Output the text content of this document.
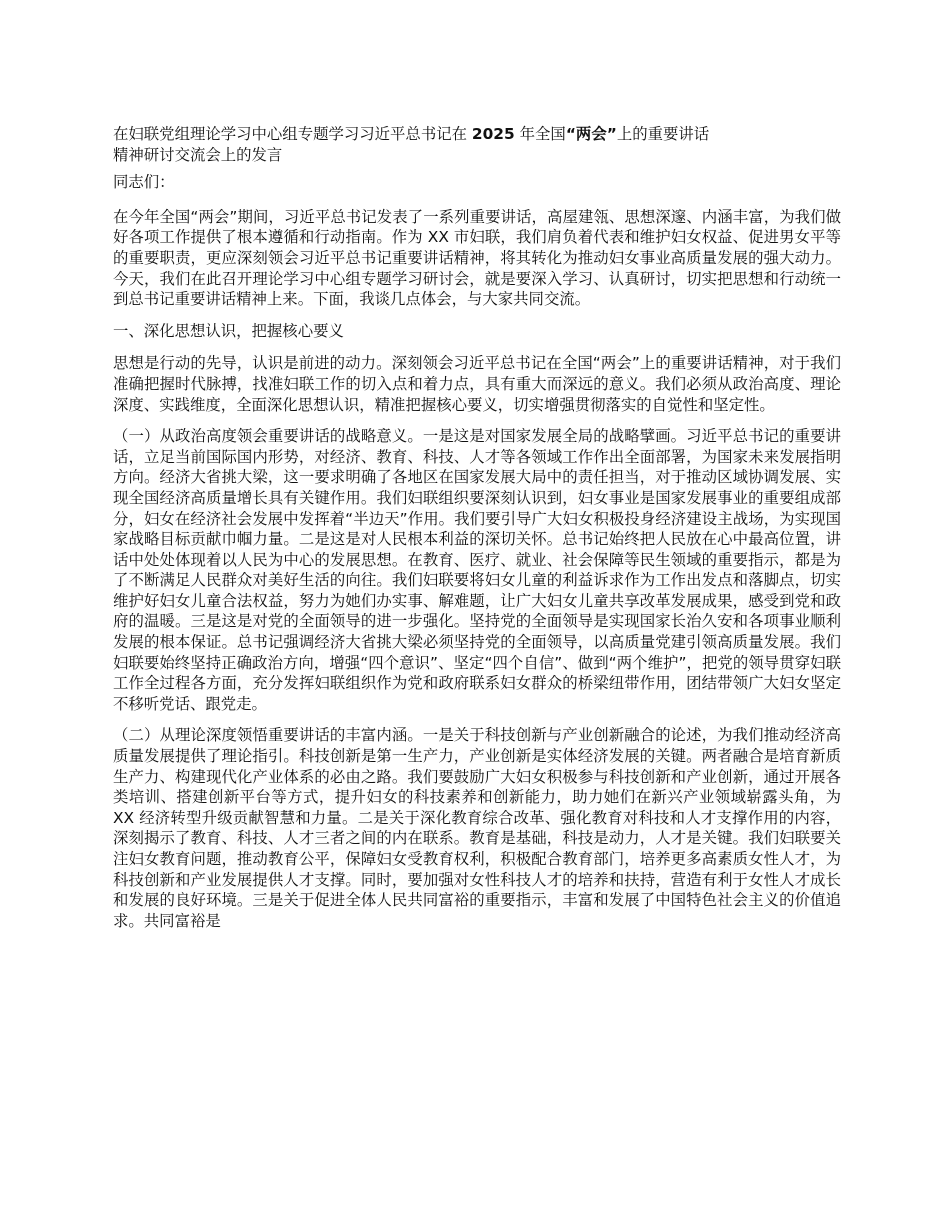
在妇联党组理论学习中心组专题学习习近平总书记在 2025 年全国“两会”上的重要讲话
精神研讨交流会上的发言

同志们：

在今年全国“两会”期间，习近平总书记发表了一系列重要讲话，高屋建瓴、思想深邃、内涵丰富，为我们做好各项工作提供了根本遵循和行动指南。作为 XX 市妇联，我们肩负着代表和维护妇女权益、促进男女平等的重要职责，更应深刻领会习近平总书记重要讲话精神，将其转化为推动妇女事业高质量发展的强大动力。今天，我们在此召开理论学习中心组专题学习研讨会，就是要深入学习、认真研讨，切实把思想和行动统一到总书记重要讲话精神上来。下面，我谈几点体会，与大家共同交流。

一、深化思想认识，把握核心要义

思想是行动的先导，认识是前进的动力。深刻领会习近平总书记在全国“两会”上的重要讲话精神，对于我们准确把握时代脉搏，找准妇联工作的切入点和着力点，具有重大而深远的意义。我们必须从政治高度、理论深度、实践维度，全面深化思想认识，精准把握核心要义，切实增强贯彻落实的自觉性和坚定性。

（一）从政治高度领会重要讲话的战略意义。一是这是对国家发展全局的战略擘画。习近平总书记的重要讲话，立足当前国际国内形势，对经济、教育、科技、人才等各领域工作作出全面部署，为国家未来发展指明方向。经济大省挑大梁，这一要求明确了各地区在国家发展大局中的责任担当，对于推动区域协调发展、实现全国经济高质量增长具有关键作用。我们妇联组织要深刻认识到，妇女事业是国家发展事业的重要组成部分，妇女在经济社会发展中发挥着“半边天”作用。我们要引导广大妇女积极投身经济建设主战场，为实现国家战略目标贡献巾帼力量。二是这是对人民根本利益的深切关怀。总书记始终把人民放在心中最高位置，讲话中处处体现着以人民为中心的发展思想。在教育、医疗、就业、社会保障等民生领域的重要指示，都是为了不断满足人民群众对美好生活的向往。我们妇联要将妇女儿童的利益诉求作为工作出发点和落脚点，切实维护好妇女儿童合法权益，努力为她们办实事、解难题，让广大妇女儿童共享改革发展成果，感受到党和政府的温暖。三是这是对党的全面领导的进一步强化。坚持党的全面领导是实现国家长治久安和各项事业顺利发展的根本保证。总书记强调经济大省挑大梁必须坚持党的全面领导，以高质量党建引领高质量发展。我们妇联要始终坚持正确政治方向，增强“四个意识”、坚定“四个自信”、做到“两个维护”，把党的领导贯穿妇联工作全过程各方面，充分发挥妇联组织作为党和政府联系妇女群众的桥梁纽带作用，团结带领广大妇女坚定不移听党话、跟党走。

（二）从理论深度领悟重要讲话的丰富内涵。一是关于科技创新与产业创新融合的论述，为我们推动经济高质量发展提供了理论指引。科技创新是第一生产力，产业创新是实体经济发展的关键。两者融合是培育新质生产力、构建现代化产业体系的必由之路。我们要鼓励广大妇女积极参与科技创新和产业创新，通过开展各类培训、搭建创新平台等方式，提升妇女的科技素养和创新能力，助力她们在新兴产业领域崭露头角，为 XX 经济转型升级贡献智慧和力量。二是关于深化教育综合改革、强化教育对科技和人才支撑作用的内容，深刻揭示了教育、科技、人才三者之间的内在联系。教育是基础，科技是动力，人才是关键。我们妇联要关注妇女教育问题，推动教育公平，保障妇女受教育权利，积极配合教育部门，培养更多高素质女性人才，为科技创新和产业发展提供人才支撑。同时，要加强对女性科技人才的培养和扶持，营造有利于女性人才成长和发展的良好环境。三是关于促进全体人民共同富裕的重要指示，丰富和发展了中国特色社会主义的价值追求。共同富裕是
